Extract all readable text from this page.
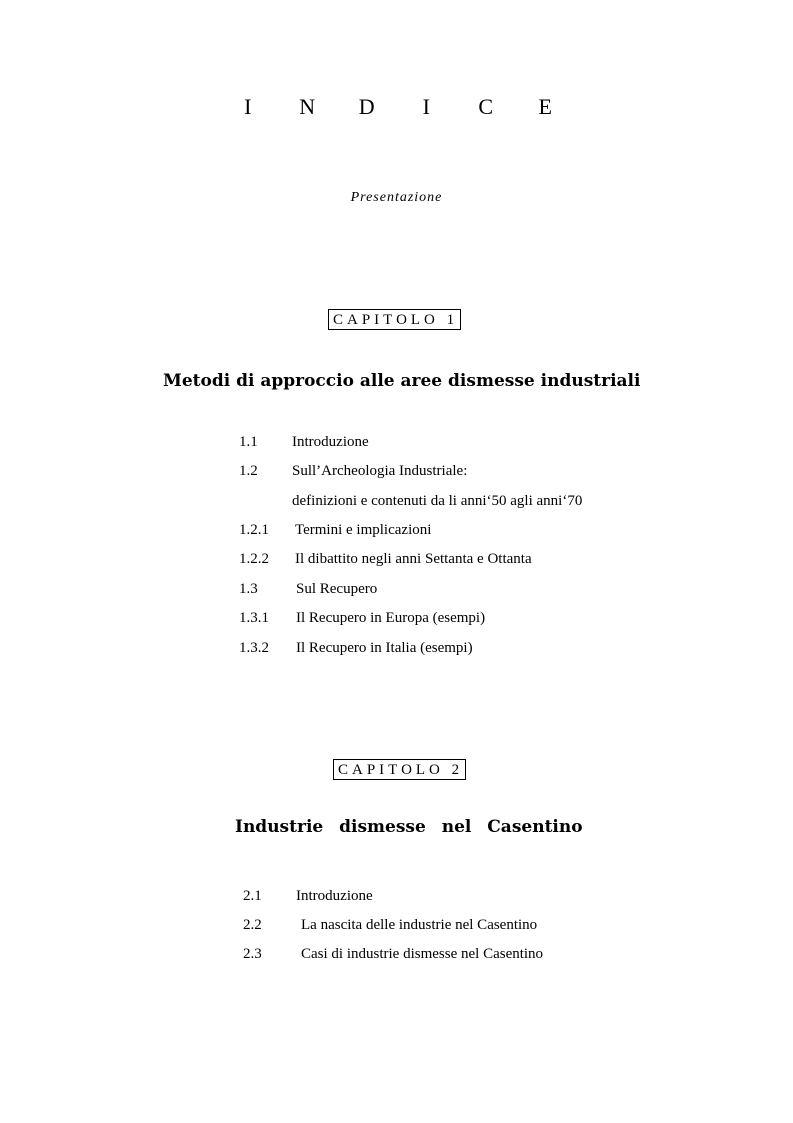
I N D I C E
Presentazione
CAPITOLO 1
Metodi di approccio alle aree dismesse industriali
1.1 Introduzione
1.2 Sull’Archeologia Industriale:
definizioni e contenuti da li anni‘50 agli anni‘70
1.2.1 Termini e implicazioni
1.2.2 Il dibattito negli anni Settanta e Ottanta
1.3	Sul Recupero
1.3.1 Il Recupero in Europa (esempi)
1.3.2 Il Recupero in Italia (esempi)
CAPITOLO 2
Industrie dismesse nel Casentino
2.1 Introduzione
2.2	La nascita delle industrie nel Casentino
2.3	Casi di industrie dismesse nel Casentino
